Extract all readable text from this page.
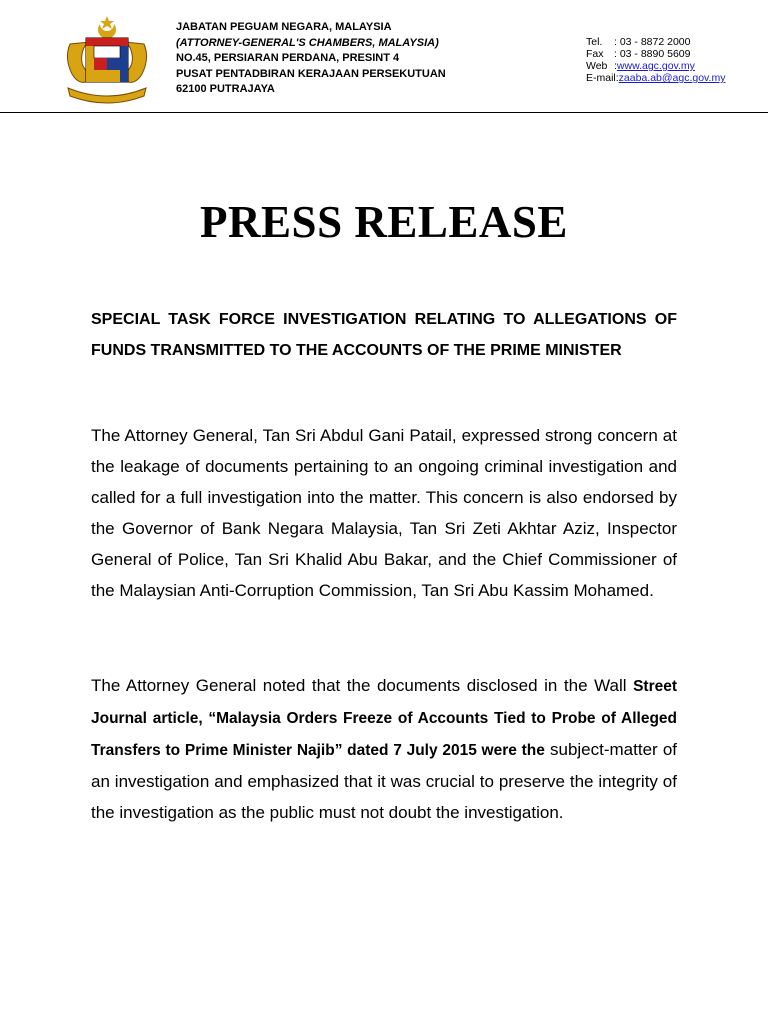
JABATAN PEGUAM NEGARA, MALAYSIA
(ATTORNEY-GENERAL'S CHAMBERS, MALAYSIA)
NO.45, PERSIARAN PERDANA, PRESINT 4
PUSAT PENTADBIRAN KERAJAAN PERSEKUTUAN
62100 PUTRAJAYA
Tel.	: 03 - 8872 2000
Fax : 03 - 8890 5609
Web : www.agc.gov.my
E-mail: zaaba.ab@agc.gov.my
PRESS RELEASE
SPECIAL TASK FORCE INVESTIGATION RELATING TO ALLEGATIONS OF FUNDS TRANSMITTED TO THE ACCOUNTS OF THE PRIME MINISTER
The Attorney General, Tan Sri Abdul Gani Patail, expressed strong concern at the leakage of documents pertaining to an ongoing criminal investigation and called for a full investigation into the matter. This concern is also endorsed by the Governor of Bank Negara Malaysia, Tan Sri Zeti Akhtar Aziz, Inspector General of Police, Tan Sri Khalid Abu Bakar, and the Chief Commissioner of the Malaysian Anti-Corruption Commission, Tan Sri Abu Kassim Mohamed.
The Attorney General noted that the documents disclosed in the Wall Street Journal article, “Malaysia Orders Freeze of Accounts Tied to Probe of Alleged Transfers to Prime Minister Najib” dated 7 July 2015 were the subject-matter of an investigation and emphasized that it was crucial to preserve the integrity of the investigation as the public must not doubt the investigation.
